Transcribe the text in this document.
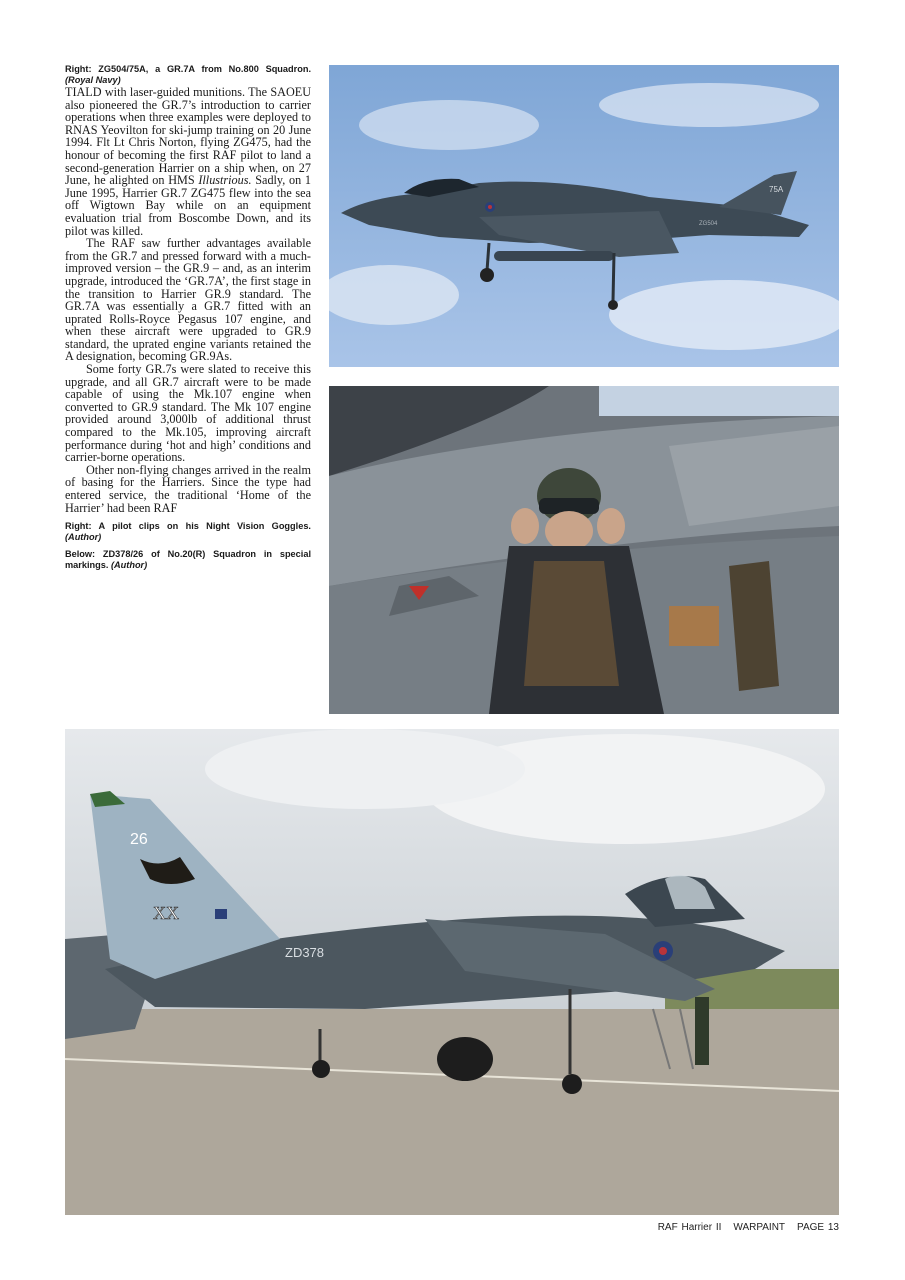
Right: ZG504/75A, a GR.7A from No.800 Squadron. (Royal Navy)

TIALD with laser-guided munitions. The SAOEU also pioneered the GR.7’s introduction to carrier operations when three examples were deployed to RNAS Yeovilton for ski-jump training on 20 June 1994. Flt Lt Chris Norton, flying ZG475, had the honour of becoming the first RAF pilot to land a second-generation Harrier on a ship when, on 27 June, he alighted on HMS Illustrious. Sadly, on 1 June 1995, Harrier GR.7 ZG475 flew into the sea off Wigtown Bay while on an equipment evaluation trial from Boscombe Down, and its pilot was killed.

The RAF saw further advantages available from the GR.7 and pressed forward with a much-improved version – the GR.9 – and, as an interim upgrade, introduced the ‘GR.7A’, the first stage in the transition to Harrier GR.9 standard. The GR.7A was essentially a GR.7 fitted with an uprated Rolls-Royce Pegasus 107 engine, and when these aircraft were upgraded to GR.9 standard, the uprated engine variants retained the A designation, becoming GR.9As.

Some forty GR.7s were slated to receive this upgrade, and all GR.7 aircraft were to be made capable of using the Mk.107 engine when converted to GR.9 standard. The Mk 107 engine provided around 3,000lb of additional thrust compared to the Mk.105, improving aircraft performance during ‘hot and high’ conditions and carrier-borne operations.

Other non-flying changes arrived in the realm of basing for the Harriers. Since the type had entered service, the traditional ‘Home of the Harrier’ had been RAF

Right: A pilot clips on his Night Vision Goggles. (Author)

Below: ZD378/26 of No.20(R) Squadron in special markings. (Author)

75A
ZG504
26
XX
ZD378
RAF Harrier II WARPAINT PAGE 13
